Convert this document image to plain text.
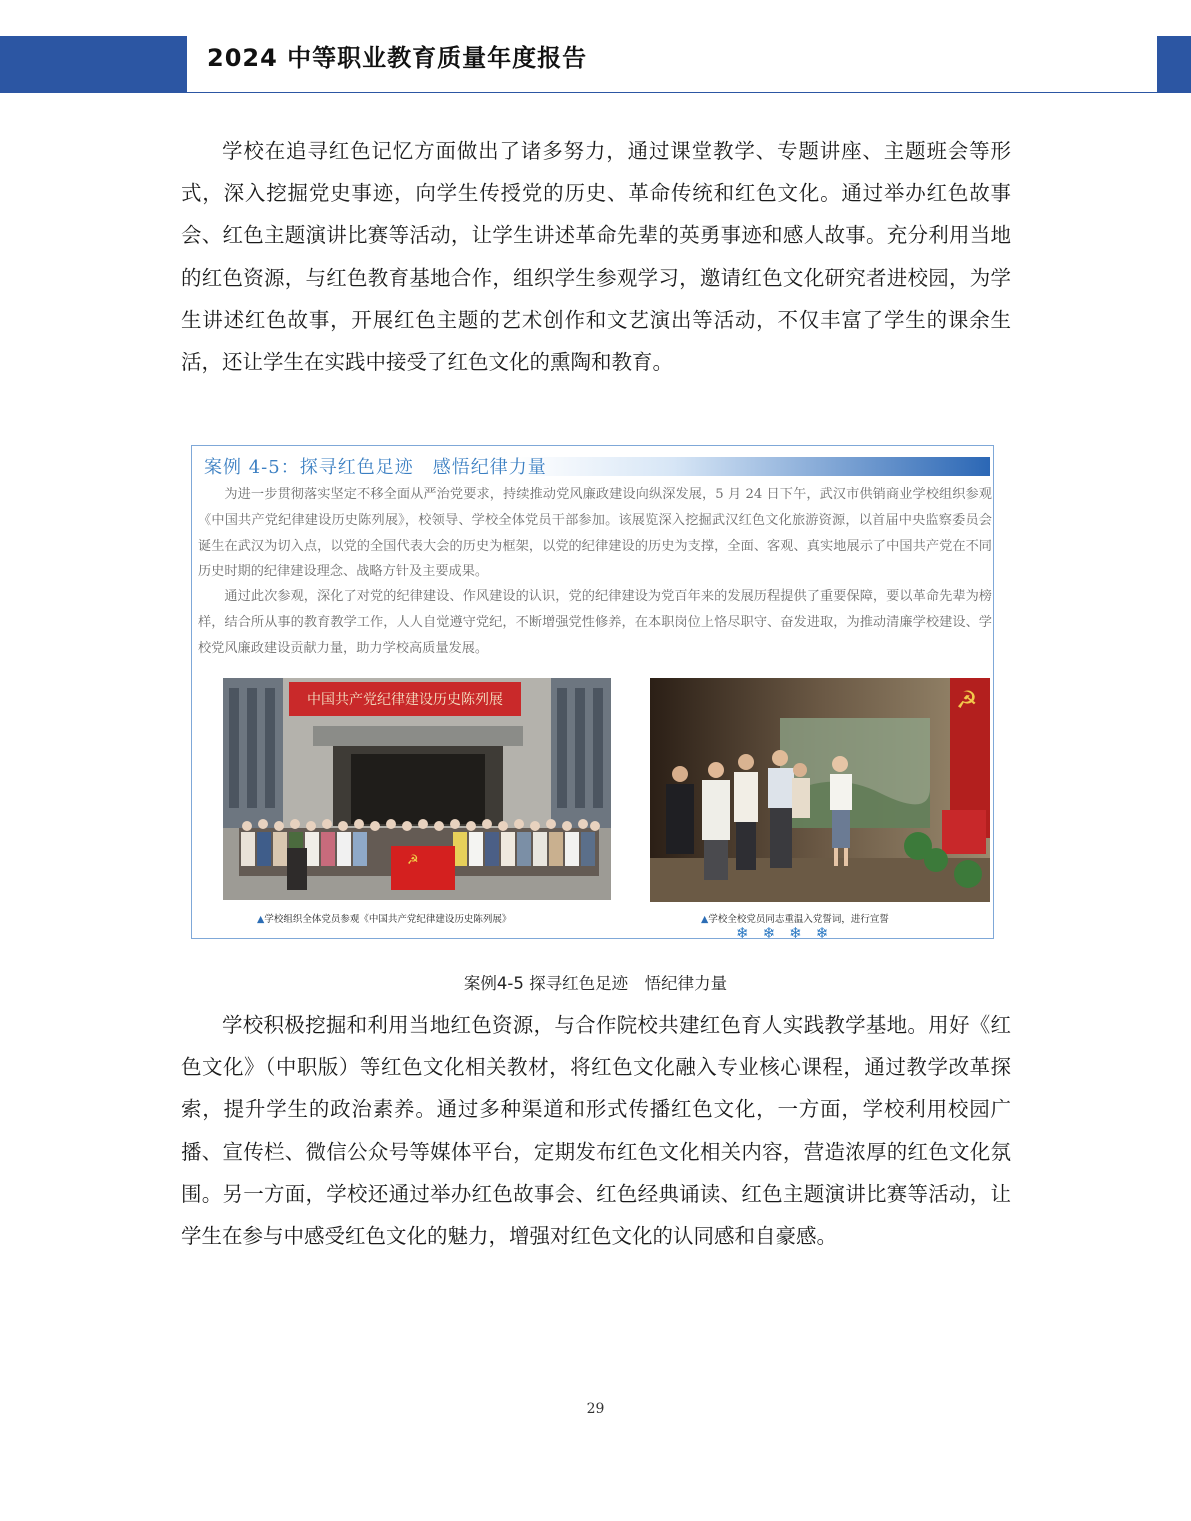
2024 中等职业教育质量年度报告

学校在追寻红色记忆方面做出了诸多努力，通过课堂教学、专题讲座、主题班会等形式，深入挖掘党史事迹，向学生传授党的历史、革命传统和红色文化。通过举办红色故事会、红色主题演讲比赛等活动，让学生讲述革命先辈的英勇事迹和感人故事。充分利用当地的红色资源，与红色教育基地合作，组织学生参观学习，邀请红色文化研究者进校园，为学生讲述红色故事，开展红色主题的艺术创作和文艺演出等活动，不仅丰富了学生的课余生活，还让学生在实践中接受了红色文化的熏陶和教育。

案例 4-5：探寻红色足迹　感悟纪律力量

为进一步贯彻落实坚定不移全面从严治党要求，持续推动党风廉政建设向纵深发展，5 月 24 日下午，武汉市供销商业学校组织参观《中国共产党纪律建设历史陈列展》，校领导、学校全体党员干部参加。该展览深入挖掘武汉红色文化旅游资源，以首届中央监察委员会诞生在武汉为切入点，以党的全国代表大会的历史为框架，以党的纪律建设的历史为支撑，全面、客观、真实地展示了中国共产党在不同历史时期的纪律建设理念、战略方针及主要成果。

通过此次参观，深化了对党的纪律建设、作风建设的认识，党的纪律建设为党百年来的发展历程提供了重要保障，要以革命先辈为榜样，结合所从事的教育教学工作，人人自觉遵守党纪，不断增强党性修养，在本职岗位上恪尽职守、奋发进取，为推动清廉学校建设、学校党风廉政建设贡献力量，助力学校高质量发展。

中国共产党纪律建设历史陈列展
☭
☭
▲学校组织全体党员参观《中国共产党纪律建设历史陈列展》	▲学校全校党员同志重温入党誓词，进行宣誓
❄❄❄❄
案例4-5 探寻红色足迹　悟纪律力量

学校积极挖掘和利用当地红色资源，与合作院校共建红色育人实践教学基地。用好《红色文化》（中职版）等红色文化相关教材，将红色文化融入专业核心课程，通过教学改革探索，提升学生的政治素养。通过多种渠道和形式传播红色文化，一方面，学校利用校园广播、宣传栏、微信公众号等媒体平台，定期发布红色文化相关内容，营造浓厚的红色文化氛围。另一方面，学校还通过举办红色故事会、红色经典诵读、红色主题演讲比赛等活动，让学生在参与中感受红色文化的魅力，增强对红色文化的认同感和自豪感。

29
